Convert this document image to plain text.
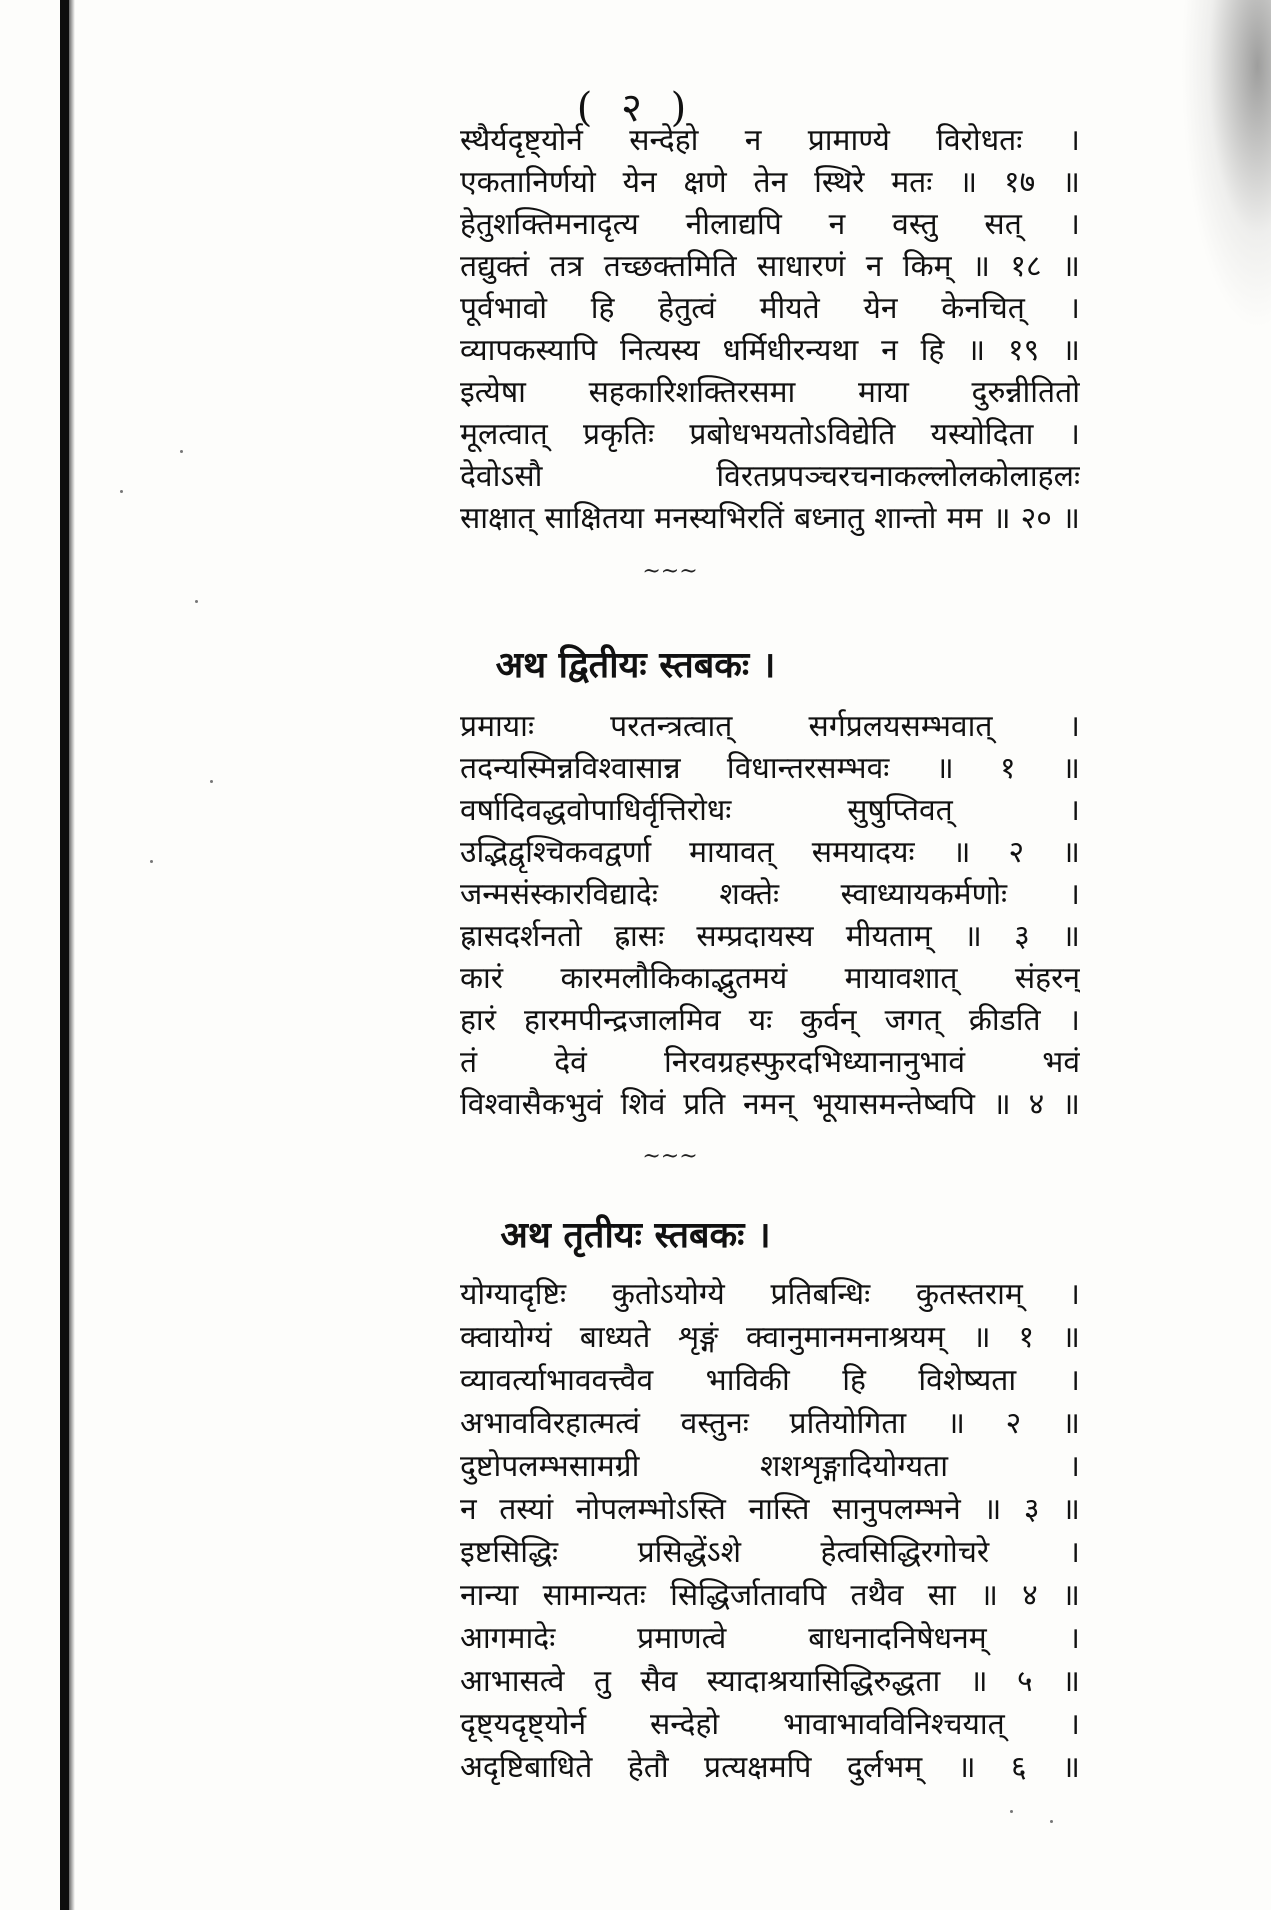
( २ )
स्थैर्यदृष्ट्योर्न सन्देहो न प्रामाण्ये विरोधतः ।
एकतानिर्णयो येन क्षणे तेन स्थिरे मतः ॥ १७ ॥
हेतुशक्तिमनादृत्य नीलाद्यपि न वस्तु सत् ।
तद्युक्तं तत्र तच्छक्तमिति साधारणं न किम् ॥ १८ ॥
पूर्वभावो हि हेतुत्वं मीयते येन केनचित् ।
व्यापकस्यापि नित्यस्य धर्मिधीरन्यथा न हि ॥ १९ ॥
इत्येषा सहकारिशक्तिरसमा माया दुरुन्नीतितो
मूलत्वात् प्रकृतिः प्रबोधभयतोऽविद्येति यस्योदिता ।
देवोऽसौ विरतप्रपञ्चरचनाकल्लोलकोलाहलः
साक्षात् साक्षितया मनस्यभिरतिं बध्नातु शान्तो मम ॥ २० ॥
~~~
अथ द्वितीयः स्तबकः ।
प्रमायाः परतन्त्रत्वात् सर्गप्रलयसम्भवात् ।
तदन्यस्मिन्नविश्वासान्न विधान्तरसम्भवः ॥ १ ॥
वर्षादिवद्धवोपाधिर्वृत्तिरोधः सुषुप्तिवत् ।
उद्भिद्वृश्चिकवद्वर्णा मायावत् समयादयः ॥ २ ॥
जन्मसंस्कारविद्यादेः शक्तेः स्वाध्यायकर्मणोः ।
ह्रासदर्शनतो ह्रासः सम्प्रदायस्य मीयताम् ॥ ३ ॥
कारं कारमलौकिकाद्भुतमयं मायावशात् संहरन्
हारं हारमपीन्द्रजालमिव यः कुर्वन् जगत् क्रीडति ।
तं देवं निरवग्रहस्फुरदभिध्यानानुभावं भवं
विश्वासैकभुवं शिवं प्रति नमन् भूयासमन्तेष्वपि ॥ ४ ॥
~~~
अथ तृतीयः स्तबकः ।
योग्यादृष्टिः कुतोऽयोग्ये प्रतिबन्धिः कुतस्तराम् ।
क्वायोग्यं बाध्यते शृङ्गं क्वानुमानमनाश्रयम् ॥ १ ॥
व्यावर्त्याभाववत्त्वैव भाविकी हि विशेष्यता ।
अभावविरहात्मत्वं वस्तुनः प्रतियोगिता ॥ २ ॥
दुष्टोपलम्भसामग्री शशशृङ्गादियोग्यता ।
न तस्यां नोपलम्भोऽस्ति नास्ति सानुपलम्भने ॥ ३ ॥
इष्टसिद्धिः प्रसिद्धेंऽशे हेत्वसिद्धिरगोचरे ।
नान्या सामान्यतः सिद्धिर्जातावपि तथैव सा ॥ ४ ॥
आगमादेः प्रमाणत्वे बाधनादनिषेधनम् ।
आभासत्वे तु सैव स्यादाश्रयासिद्धिरुद्धता ॥ ५ ॥
दृष्ट्यदृष्ट्योर्न सन्देहो भावाभावविनिश्चयात् ।
अदृष्टिबाधिते हेतौ प्रत्यक्षमपि दुर्लभम् ॥ ६ ॥
